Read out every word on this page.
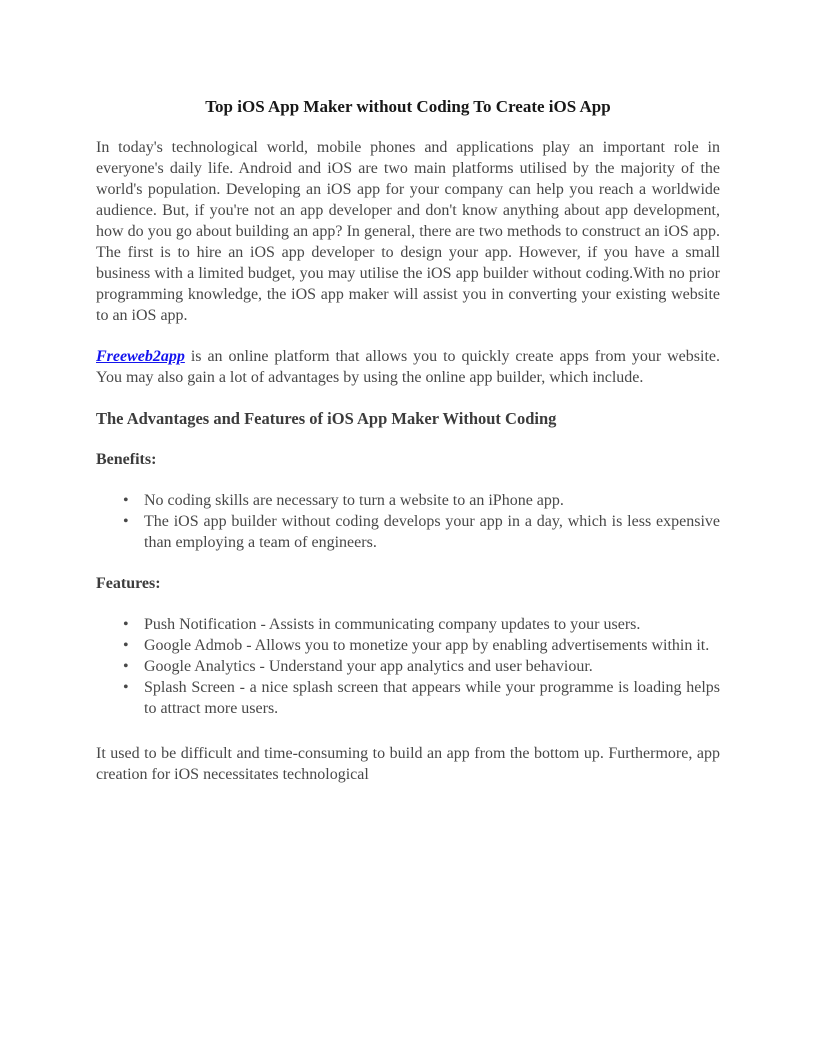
Top iOS App Maker without Coding To Create iOS App

In today's technological world, mobile phones and applications play an important role in everyone's daily life. Android and iOS are two main platforms utilised by the majority of the world's population. Developing an iOS app for your company can help you reach a worldwide audience. But, if you're not an app developer and don't know anything about app development, how do you go about building an app? In general, there are two methods to construct an iOS app. The first is to hire an iOS app developer to design your app. However, if you have a small business with a limited budget, you may utilise the iOS app builder without coding.With no prior programming knowledge, the iOS app maker will assist you in converting your existing website to an iOS app.

Freeweb2app is an online platform that allows you to quickly create apps from your website. You may also gain a lot of advantages by using the online app builder, which include.

The Advantages and Features of iOS App Maker Without Coding
Benefits:
• No coding skills are necessary to turn a website to an iPhone app.
• The iOS app builder without coding develops your app in a day, which is less expensive than employing a team of engineers.
Features:
• Push Notification - Assists in communicating company updates to your users.
• Google Admob - Allows you to monetize your app by enabling advertisements within it.
• Google Analytics - Understand your app analytics and user behaviour.
• Splash Screen - a nice splash screen that appears while your programme is loading helps to attract more users.

It used to be difficult and time-consuming to build an app from the bottom up. Furthermore, app creation for iOS necessitates technological
